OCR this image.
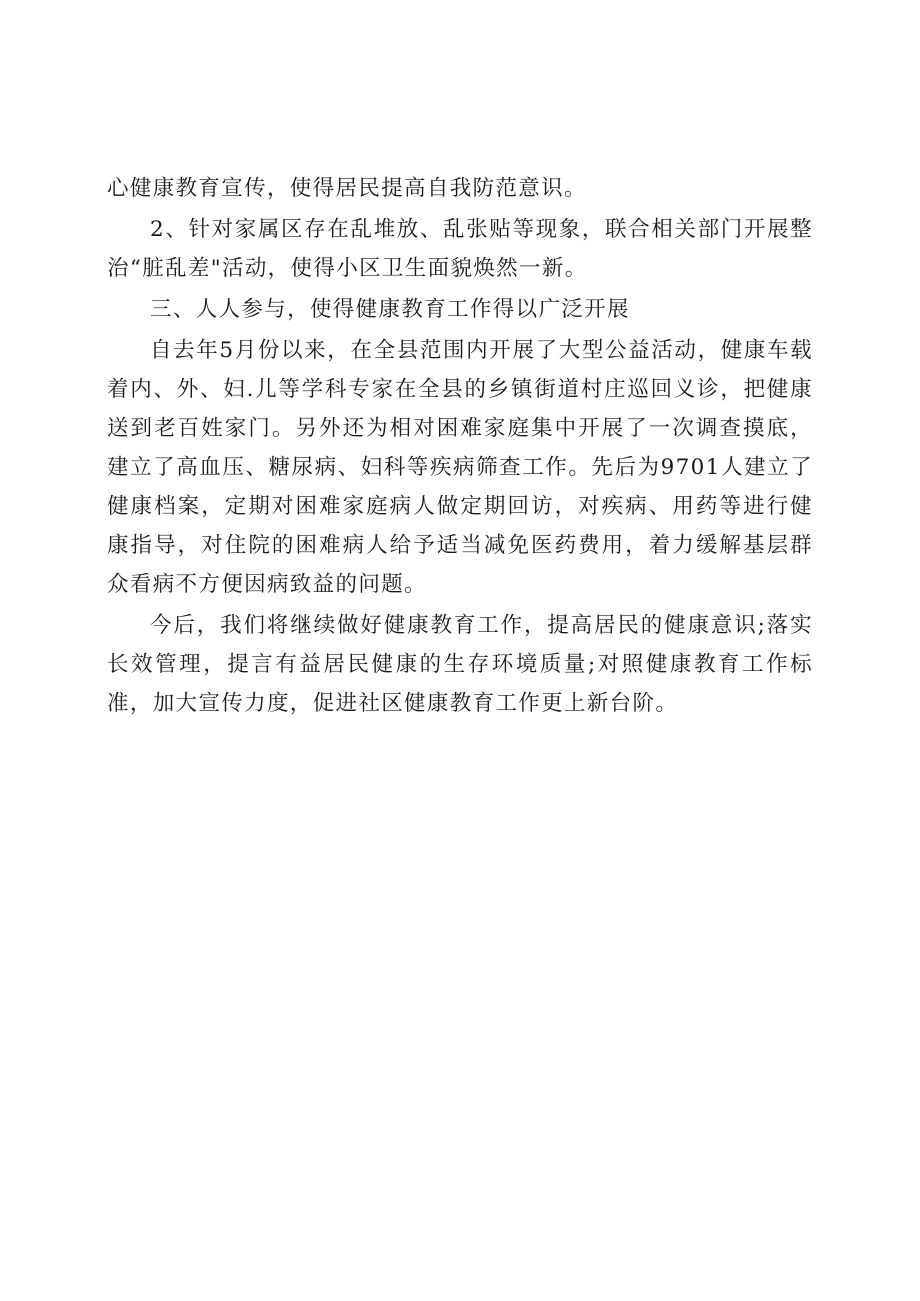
心健康教育宣传，使得居民提高自我防范意识。

2、针对家属区存在乱堆放、乱张贴等现象，联合相关部门开展整治“脏乱差"活动，使得小区卫生面貌焕然一新。

三、人人参与，使得健康教育工作得以广泛开展

自去年5月份以来，在全县范围内开展了大型公益活动，健康车载着内、外、妇.儿等学科专家在全县的乡镇街道村庄巡回义诊，把健康送到老百姓家门。另外还为相对困难家庭集中开展了一次调查摸底，建立了高血压、糖尿病、妇科等疾病筛查工作。先后为9701人建立了健康档案，定期对困难家庭病人做定期回访，对疾病、用药等进行健康指导，对住院的困难病人给予适当减免医药费用，着力缓解基层群众看病不方便因病致益的问题。

今后，我们将继续做好健康教育工作，提高居民的健康意识;落实长效管理，提言有益居民健康的生存环境质量;对照健康教育工作标准，加大宣传力度，促进社区健康教育工作更上新台阶。
